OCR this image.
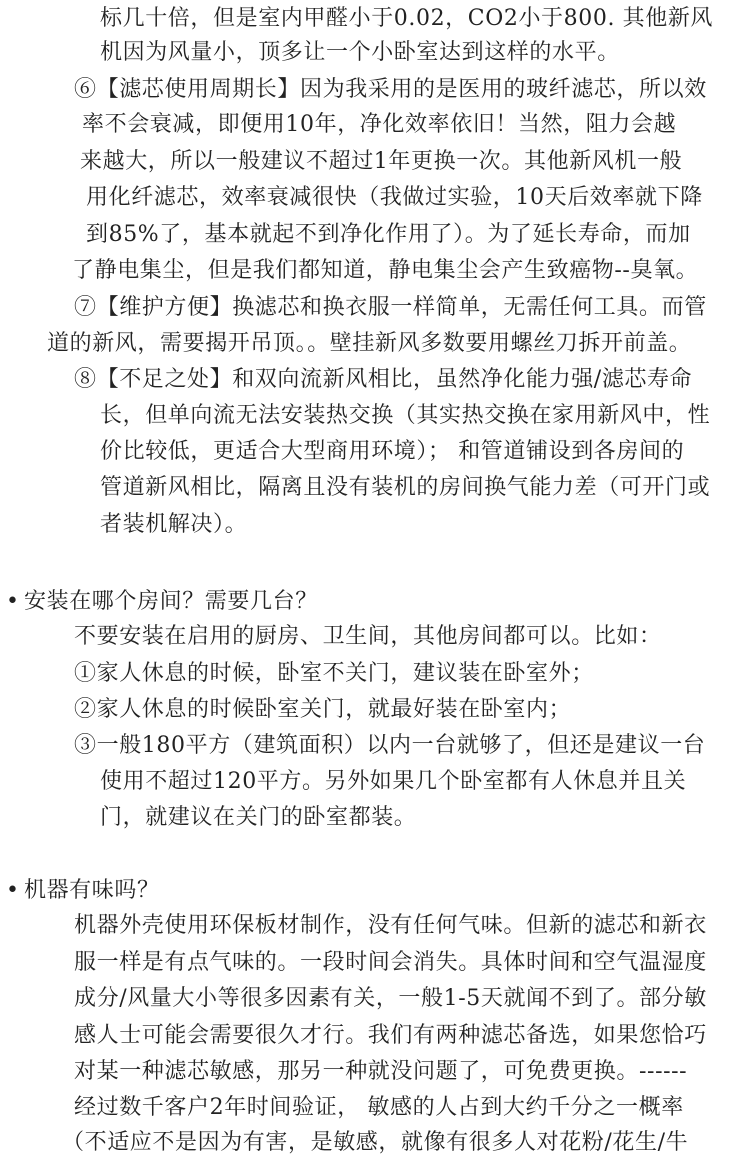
标几十倍，但是室内甲醛小于0.02，CO2小于800. 其他新风
机因为风量小，顶多让一个小卧室达到这样的水平。
⑥【滤芯使用周期长】因为我采用的是医用的玻纤滤芯，所以效
率不会衰减，即便用10年，净化效率依旧！当然，阻力会越
来越大，所以一般建议不超过1年更换一次。其他新风机一般
用化纤滤芯，效率衰减很快（我做过实验，10天后效率就下降
到85%了，基本就起不到净化作用了）。为了延长寿命，而加
了静电集尘，但是我们都知道，静电集尘会产生致癌物--臭氧。
⑦【维护方便】换滤芯和换衣服一样简单，无需任何工具。而管
道的新风，需要揭开吊顶。。壁挂新风多数要用螺丝刀拆开前盖。
⑧【不足之处】和双向流新风相比，虽然净化能力强/滤芯寿命
长，但单向流无法安装热交换（其实热交换在家用新风中，性
价比较低，更适合大型商用环境）； 和管道铺设到各房间的
管道新风相比，隔离且没有装机的房间换气能力差（可开门或
者装机解决）。
• 安装在哪个房间？需要几台？
不要安装在启用的厨房、卫生间，其他房间都可以。比如：
①家人休息的时候，卧室不关门，建议装在卧室外；
②家人休息的时候卧室关门，就最好装在卧室内；
③一般180平方（建筑面积）以内一台就够了，但还是建议一台
使用不超过120平方。另外如果几个卧室都有人休息并且关
门，就建议在关门的卧室都装。
• 机器有味吗？
机器外壳使用环保板材制作，没有任何气味。但新的滤芯和新衣
服一样是有点气味的。一段时间会消失。具体时间和空气温湿度
成分/风量大小等很多因素有关，一般1-5天就闻不到了。部分敏
感人士可能会需要很久才行。我们有两种滤芯备选，如果您恰巧
对某一种滤芯敏感，那另一种就没问题了，可免费更换。------
经过数千客户2年时间验证， 敏感的人占到大约千分之一概率
（不适应不是因为有害，是敏感，就像有很多人对花粉/花生/牛
